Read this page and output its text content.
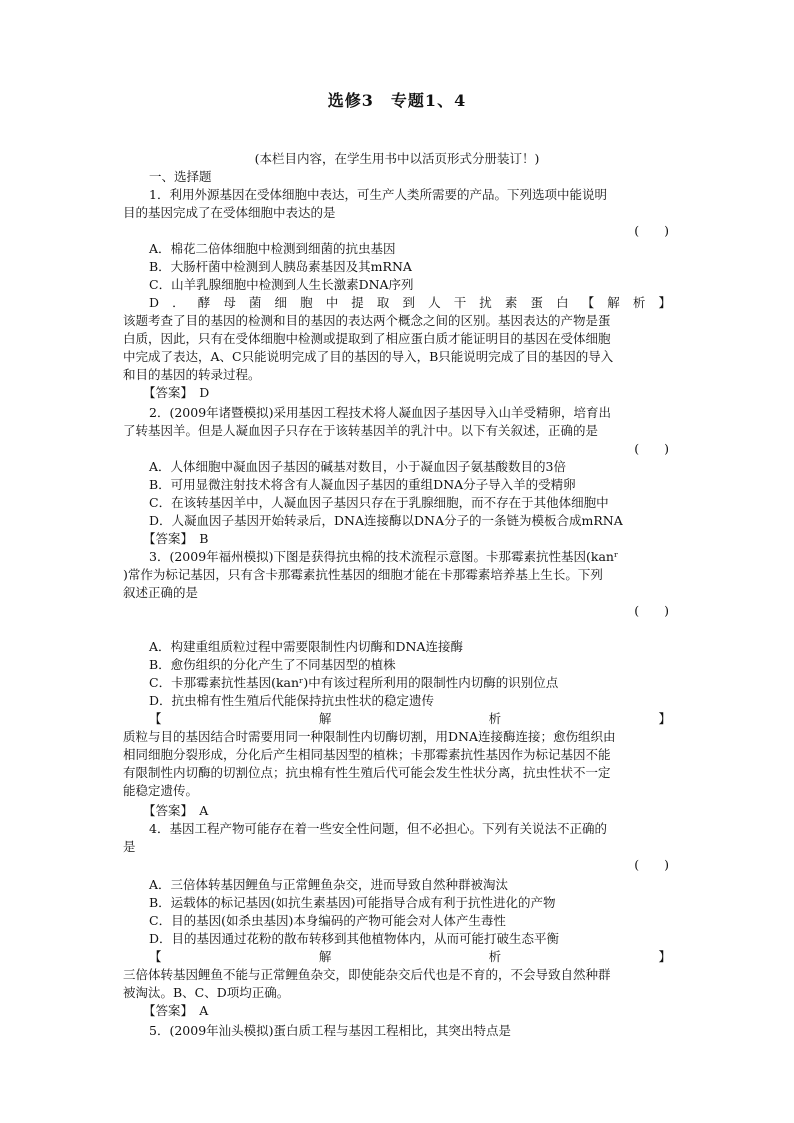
选修3　专题1、4
(本栏目内容，在学生用书中以活页形式分册装订！)
一、选择题
1．利用外源基因在受体细胞中表达，可生产人类所需要的产品。下列选项中能说明
目的基因完成了在受体细胞中表达的是
(　　)
A．棉花二倍体细胞中检测到细菌的抗虫基因
B．大肠杆菌中检测到人胰岛素基因及其mRNA
C．山羊乳腺细胞中检测到人生长激素DNA序列
D．酵母菌细胞中提取到人干扰素蛋白【解析】
该题考查了目的基因的检测和目的基因的表达两个概念之间的区别。基因表达的产物是蛋
白质，因此，只有在受体细胞中检测或提取到了相应蛋白质才能证明目的基因在受体细胞
中完成了表达，A、C只能说明完成了目的基因的导入，B只能说明完成了目的基因的导入
和目的基因的转录过程。
【答案】　D
2．(2009年诸暨模拟)采用基因工程技术将人凝血因子基因导入山羊受精卵，培育出
了转基因羊。但是人凝血因子只存在于该转基因羊的乳汁中。以下有关叙述，正确的是
(　　)
A．人体细胞中凝血因子基因的碱基对数目，小于凝血因子氨基酸数目的3倍
B．可用显微注射技术将含有人凝血因子基因的重组DNA分子导入羊的受精卵
C．在该转基因羊中，人凝血因子基因只存在于乳腺细胞，而不存在于其他体细胞中
D．人凝血因子基因开始转录后，DNA连接酶以DNA分子的一条链为模板合成mRNA
【答案】　B
3．(2009年福州模拟)下图是获得抗虫棉的技术流程示意图。卡那霉素抗性基因(kanʳ
)常作为标记基因，只有含卡那霉素抗性基因的细胞才能在卡那霉素培养基上生长。下列
叙述正确的是
(　　)
A．构建重组质粒过程中需要限制性内切酶和DNA连接酶
B．愈伤组织的分化产生了不同基因型的植株
C．卡那霉素抗性基因(kanʳ)中有该过程所利用的限制性内切酶的识别位点
D．抗虫棉有性生殖后代能保持抗虫性状的稳定遗传
【解析】
质粒与目的基因结合时需要用同一种限制性内切酶切割，用DNA连接酶连接；愈伤组织由
相同细胞分裂形成，分化后产生相同基因型的植株；卡那霉素抗性基因作为标记基因不能
有限制性内切酶的切割位点；抗虫棉有性生殖后代可能会发生性状分离，抗虫性状不一定
能稳定遗传。
【答案】　A
4．基因工程产物可能存在着一些安全性问题，但不必担心。下列有关说法不正确的
是
(　　)
A．三倍体转基因鲤鱼与正常鲤鱼杂交，进而导致自然种群被淘汰
B．运载体的标记基因(如抗生素基因)可能指导合成有利于抗性进化的产物
C．目的基因(如杀虫基因)本身编码的产物可能会对人体产生毒性
D．目的基因通过花粉的散布转移到其他植物体内，从而可能打破生态平衡
【解析】
三倍体转基因鲤鱼不能与正常鲤鱼杂交，即使能杂交后代也是不育的，不会导致自然种群
被淘汰。B、C、D项均正确。
【答案】　A
5．(2009年汕头模拟)蛋白质工程与基因工程相比，其突出特点是
